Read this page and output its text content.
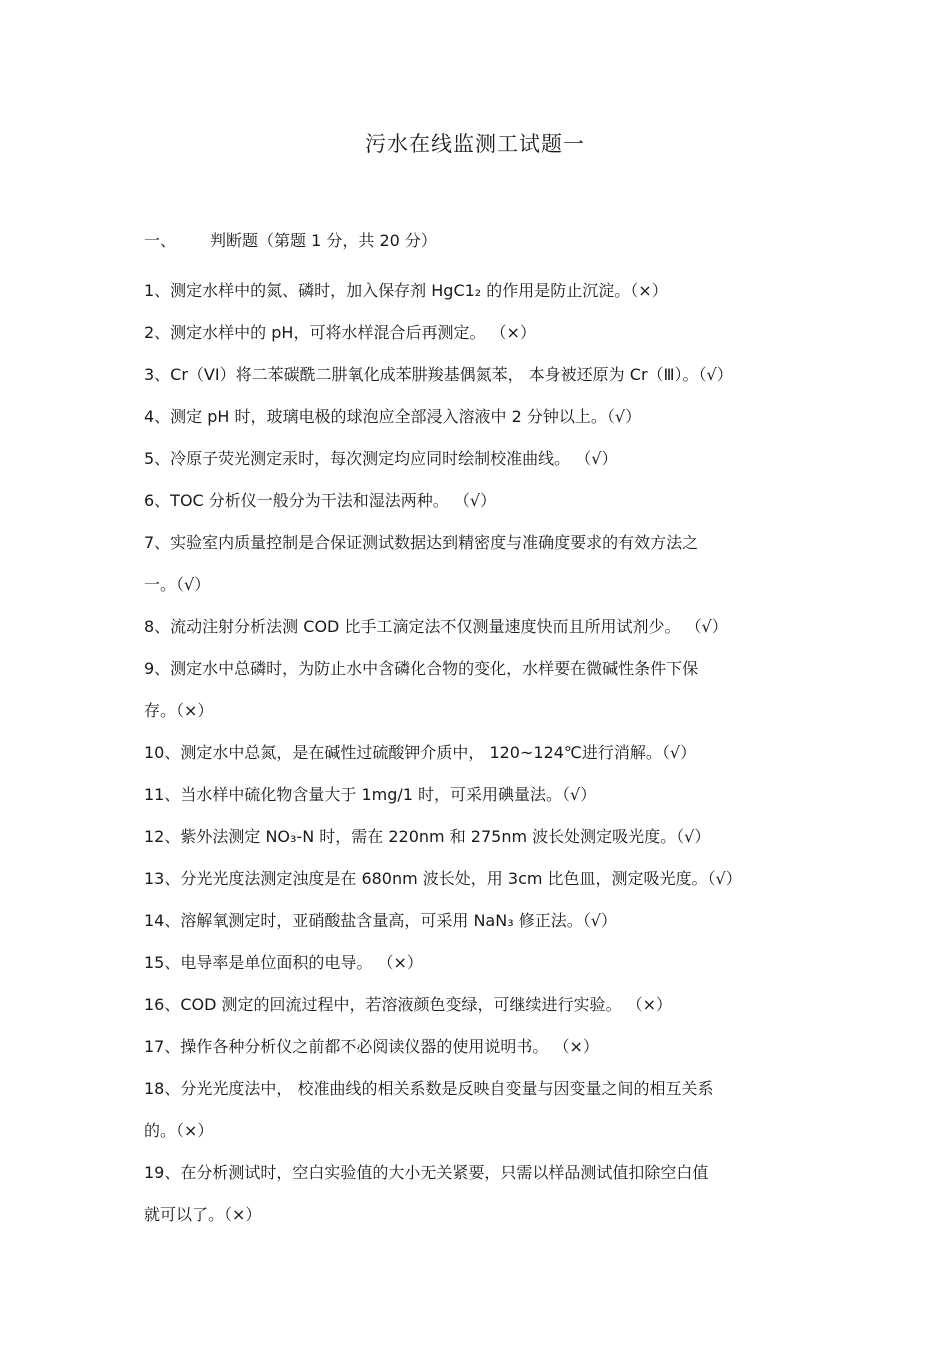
污水在线监测工试题一

一、 判断题（第题 1 分，共 20 分）

1、测定水样中的氮、磷时，加入保存剂 HgC1₂ 的作用是防止沉淀。（×）
2、测定水样中的 pH，可将水样混合后再测定。 （×）
3、Cr（VI）将二苯碳酰二肼氧化成苯肼羧基偶氮苯， 本身被还原为 Cr（Ⅲ）。（√）
4、测定 pH 时，玻璃电极的球泡应全部浸入溶液中 2 分钟以上。（√）
5、冷原子荧光测定汞时，每次测定均应同时绘制校准曲线。 （√）
6、TOC 分析仪一般分为干法和湿法两种。 （√）
7、实验室内质量控制是合保证测试数据达到精密度与准确度要求的有效方法之
一。（√）
8、流动注射分析法测 COD 比手工滴定法不仅测量速度快而且所用试剂少。 （√）
9、测定水中总磷时，为防止水中含磷化合物的变化，水样要在微碱性条件下保
存。（×）
10、测定水中总氮，是在碱性过硫酸钾介质中， 120~124℃进行消解。（√）
11、当水样中硫化物含量大于 1mg/1 时，可采用碘量法。（√）
12、紫外法测定 NO₃-N 时，需在 220nm 和 275nm 波长处测定吸光度。（√）
13、分光光度法测定浊度是在 680nm 波长处，用 3cm 比色皿，测定吸光度。（√）
14、溶解氧测定时，亚硝酸盐含量高，可采用 NaN₃ 修正法。（√）
15、电导率是单位面积的电导。 （×）
16、COD 测定的回流过程中，若溶液颜色变绿，可继续进行实验。 （×）
17、操作各种分析仪之前都不必阅读仪器的使用说明书。 （×）
18、分光光度法中， 校准曲线的相关系数是反映自变量与因变量之间的相互关系
的。（×）
19、在分析测试时，空白实验值的大小无关紧要，只需以样品测试值扣除空白值
就可以了。（×）
